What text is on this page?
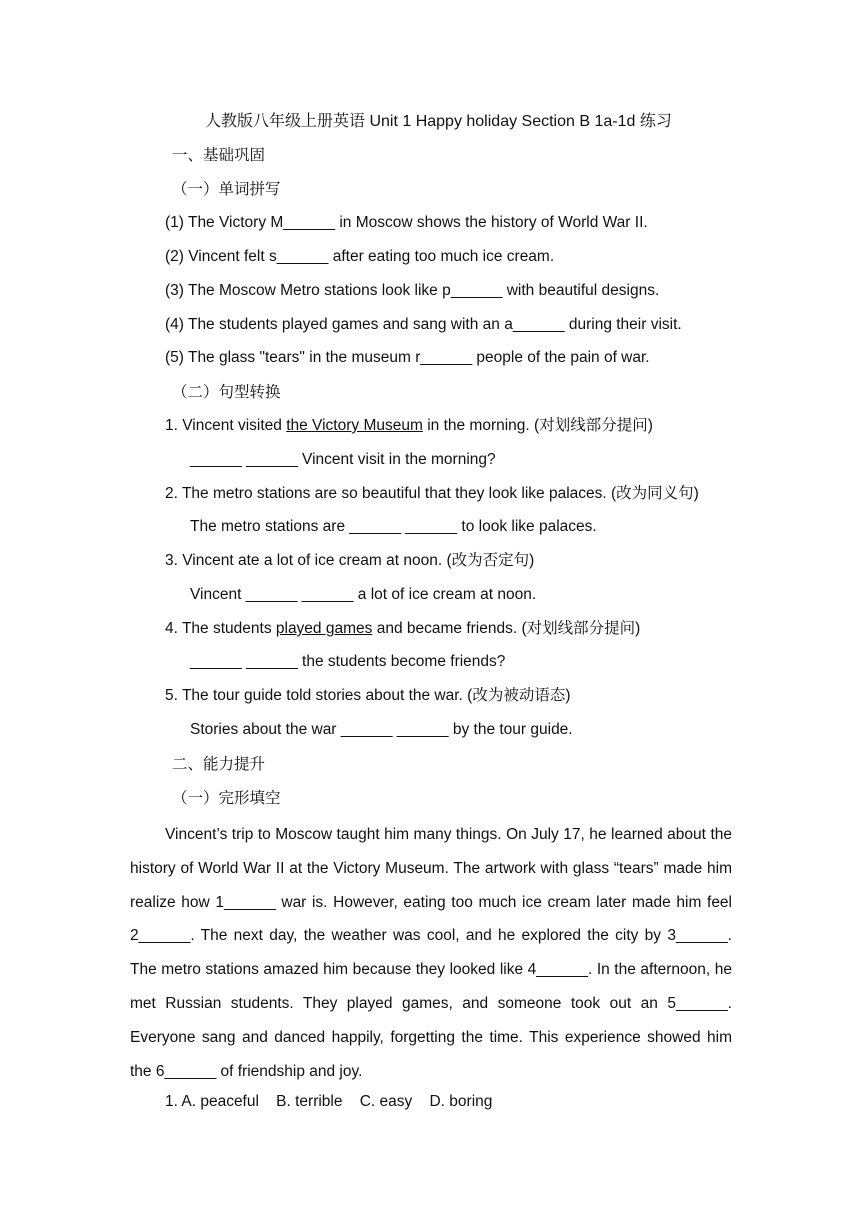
人教版八年级上册英语 Unit 1 Happy holiday Section B 1a-1d 练习
一、基础巩固
（一）单词拼写
(1) The Victory M______ in Moscow shows the history of World War II.
(2) Vincent felt s______ after eating too much ice cream.
(3) The Moscow Metro stations look like p______ with beautiful designs.
(4) The students played games and sang with an a______ during their visit.
(5) The glass "tears" in the museum r______ people of the pain of war.
（二）句型转换
1. Vincent visited the Victory Museum in the morning. (对划线部分提问)
______ ______ Vincent visit in the morning?
2. The metro stations are so beautiful that they look like palaces. (改为同义句)
The metro stations are ______ ______ to look like palaces.
3. Vincent ate a lot of ice cream at noon. (改为否定句)
Vincent ______ ______ a lot of ice cream at noon.
4. The students played games and became friends. (对划线部分提问)
______ ______ the students become friends?
5. The tour guide told stories about the war. (改为被动语态)
Stories about the war ______ ______ by the tour guide.
二、能力提升
（一）完形填空
Vincent’s trip to Moscow taught him many things. On July 17, he learned about the history of World War II at the Victory Museum. The artwork with glass “tears” made him realize how 1______ war is. However, eating too much ice cream later made him feel 2______. The next day, the weather was cool, and he explored the city by 3______. The metro stations amazed him because they looked like 4______. In the afternoon, he met Russian students. They played games, and someone took out an 5______. Everyone sang and danced happily, forgetting the time. This experience showed him the 6______ of friendship and joy.
1. A. peaceful    B. terrible    C. easy    D. boring
